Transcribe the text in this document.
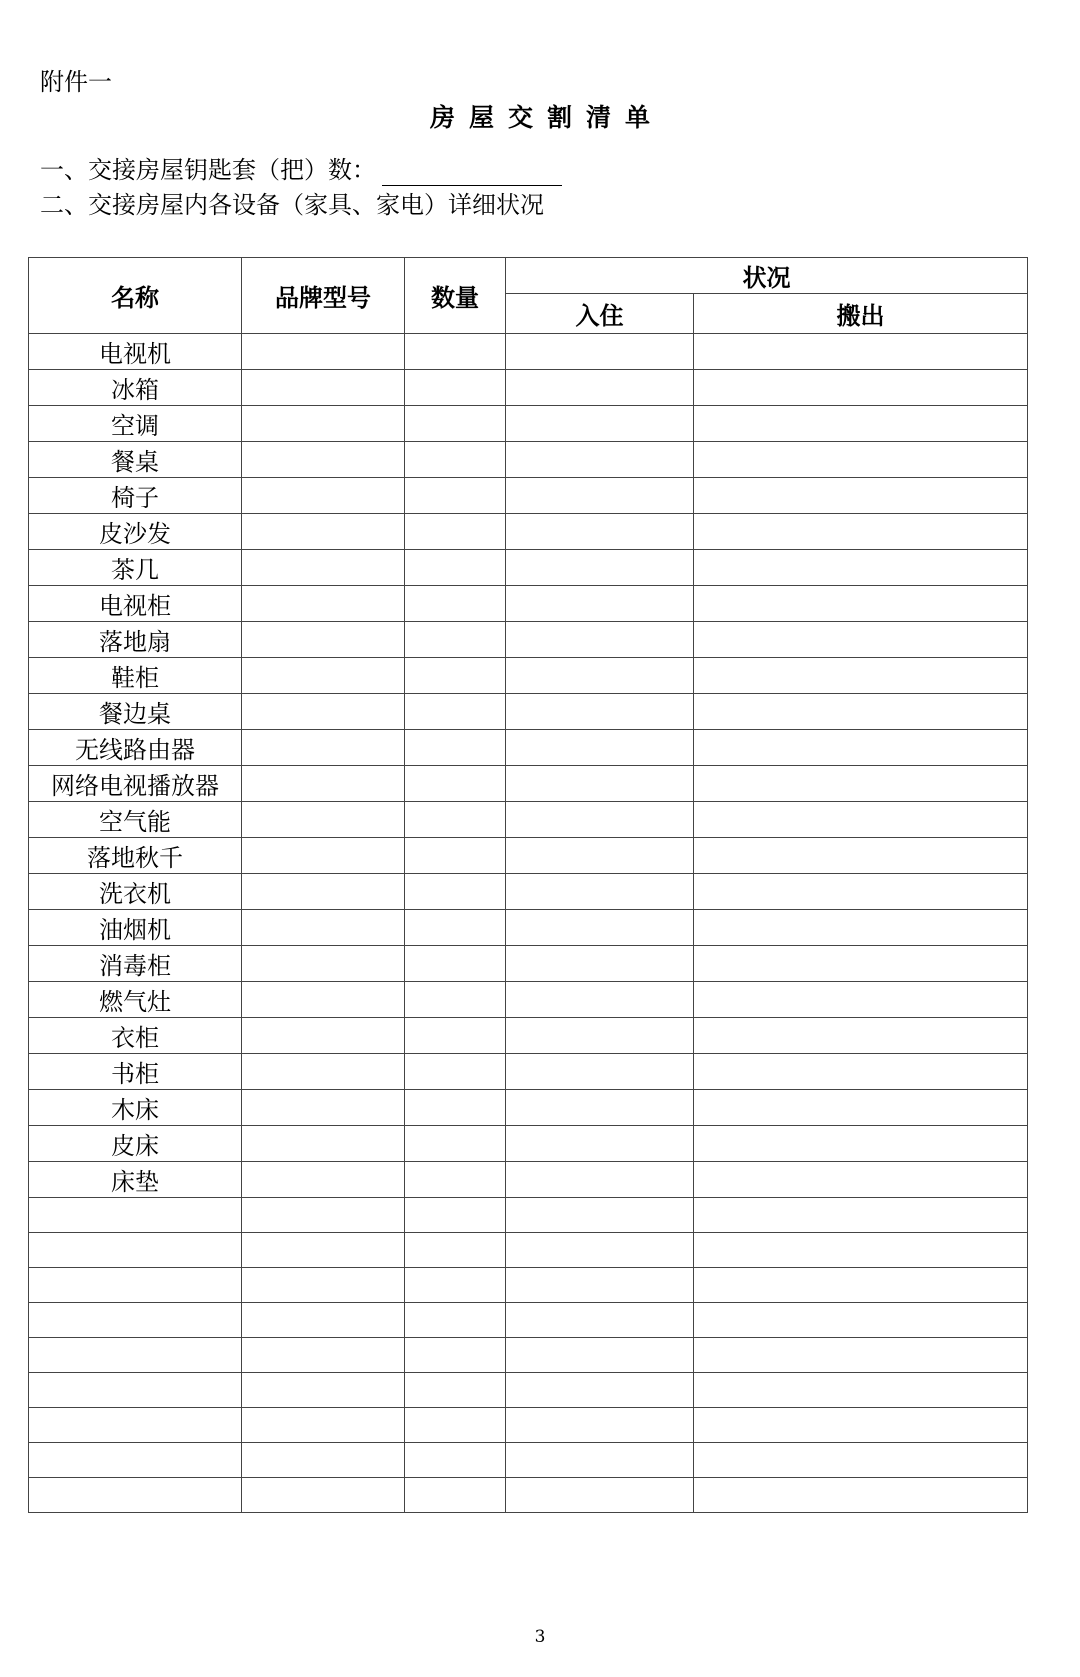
附件一
房屋交割清单
一、交接房屋钥匙套（把）数：
二、交接房屋内各设备（家具、家电）详细状况
名称	品牌型号	数量	状况	
			入住	搬出
电视机				
冰箱				
空调				
餐桌				
椅子				
皮沙发				
茶几				
电视柜				
落地扇				
鞋柜				
餐边桌				
无线路由器				
网络电视播放器				
空气能				
落地秋千				
洗衣机				
油烟机				
消毒柜				
燃气灶				
衣柜				
书柜				
木床				
皮床				
床垫				

3
